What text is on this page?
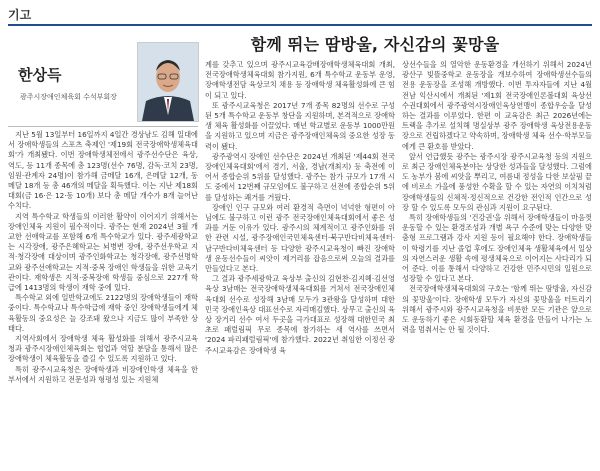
기고
함께 뛰는 땀방울, 자신감의 꽃망울
한상득
광주시장애인체육회 수석부회장

지난 5월 13일부터 16일까지 4일간 경상남도 김해 일대에서 장애학생들의 스포츠 축제인 '제19회 전국장애학생체육대회'가 개최됐다. 이번 장애학생체전에서 광주선수단은 육상, 역도, 등 11개 종목에 총 123명(선수 76명, 감독·코치 23명, 임원·관계자 24명)이 참가해 금메달 16개, 은메달 12개, 동메달 18개 등 총 46개의 메달을 획득했다. 이는 지난 제18회 대회(금 16·은 12·동 10개) 보다 총 메달 개수가 8개 늘어난 수치다.

지역 특수학교 학생들의 이러한 활약이 이어지기 위해서는 장애인체육 지원이 필수적이다. 광주는 현재 2024년 3월 개교한 선애학교를 포함해 6개 특수학교가 있다. 광주세광학교는 시각장애, 광주은혜학교는 뇌병변 장애, 광주선우학교 지적·청각장애 대상이며 광주인화학교는 청각장애, 광주선명학교와 광주선애학교는 지적·중복 장애인 학생들을 위한 교육기관이다. 재학생은 지적·중복장애 학생들 중심으로 227개 학급에 1413명의 학생이 재학 중에 있다.

특수학교 외에 일반학교에도 2122명의 장애학생들이 재학 중이다. 특수학교나 특수학급에 재학 중인 장애학생들에게 체육활동의 중요성은 늘 강조돼 왔으나 지금도 많이 부족한 상태다.

지역사회에서 장애학생 체육 활성화를 위해서 광주시교육청과 광주시장애인체육회는 협업과 역할 분담을 통해서 많은 장애학생이 체육활동을 즐길 수 있도록 지원하고 있다.

특히 광주시교육청은 장애학생과 비장애인학생 체육을 한 부서에서 지원하고 전문성과 형평성 있는 지원체

계를 갖추고 있으며 광주시교육감배장애학생체육대회 개최, 전국장애학생체육대회 참가지원, 6개 특수학교 운동부 운영, 장애학생전담 육상코치 채용 등 장애학생 체육활성화에 큰 힘이 되고 있다.

또 광주시교육청은 2017년 7개 종목 82명의 선수로 구성된 5개 특수학교 운동부 창단을 지원하며, 본격적으로 장애학생 체육 활성화를 이끌었다. 매년 학교별로 운동부 1000만원을 지원하고 있으며 지금은 광주장애인체육의 중요한 성장 동력이 됐다.

광주광역시 장애인 선수단은 2024년 개최된 '제44회 전국장애인체육대회'에서 경기, 서울, 경남(개최지) 등 축전에 이어서 종합순위 5위를 달성했다. 광주는 참가 규모가 17개 시도 중에서 12번째 규모임에도 불구하고 선전에 종합순위 5위를 달성하는 쾌거를 거뒀다.

장애인 인구 규모와 여러 환경적 측면이 넉넉한 형편이 아님에도 불구하고 이런 광주 전국장애인체육대회에서 좋은 성과를 거둔 이유가 있다. 광주시의 체계적이고 광주인화를 위한 관련 시설, 광주장애인국민체육센터·북구반다비체육센터·남구반다비체육센터 등 다양한 광주시교육청이 빠진 장애학생 운동선수들이 씨앗이 제거리를 잡음으로써 오늘의 결과를 만들었다고 본다.

그 결과 광주세광학교 육상부 출신의 김현찬·김지혜·김선영 육상 3남매는 전국장애학생체육대회를 거쳐서 전국장애인체육대회 선수로 성장해 3남매 모두가 3관왕을 달성하며 대한민국 장애인육상 대표선수로 자리매김했다. 상무고 출신의 육상 장거리 선수 여서 두곳을 극가대표로 성장해 대한민국 최초로 패럴림픽 무로 종목에 참가하는 새 역사를 쓰면서 '2024 파리패럴림픽'에 참가했다. 2022년 취임한 이정선 광주시교육감은 장애학생 육

상선수들을 의 열악한 운동환경을 개선하기 위해서 2024년 광산구 빛뜰중학교 운동장을 개보수하여 장애학생선수들의 전용 운동장을 조성해 개방했다. 이번 투자자들에 지난 4월 전남 익산시에서 개최된 '제1회 전국장애인론볼대회 육상선수권대회에서 광주광역시장애인육상연맹이 종합우승을 달성하는 결과를 이루었다. 한편 이 교육감은 최근 2026년에는 트랙을 추가로 설치해 명실상부 광주 장애학생 육상전용운동장으로 건립하겠다고 약속하며, 장애학생 체육 선수·학부모들에게 큰 환호를 받았다.

앞서 언급했듯 광주는 광주시장 광주시교육청 등의 지원으로 최근 장애인체육분야는 상당한 성과들을 달성했다. 그럼에도 농부가 봄에 씨앗을 뿌리고, 여름내 정성을 다한 보살핌 끝에 비로소 가을에 풍성한 수확을 할 수 있는 자연의 이치처럼 장애학생들의 신체적·정신적으로 건강한 전인적 인간으로 성장 할 수 있도록 모두의 관심과 지원이 요구된다.

특히 장애학생들의 '건강권'을 위해서 장애학생들이 마음껏 운동할 수 있는 환경조성과 개별 욕구 수준에 맞는 다양한 맞춤형 프로그램과 강사 지원 등이 필요해야 한다. 장애학생들이 학령기를 지난 졸업 후에도 장애인체육 생활체육에서 일상의 자연스러운 생활 속에 평생체육으로 이어지는 사다리가 되어 준다. 이를 통해서 다양하고 건강한 민주시민의 일원으로 성장할 수 있다고 본다.

전국장애학생체육대회의 구호는 '함께 뛰는 땀방울, 자신감의 꽃망울'이다. 장애학생 모두가 자신의 꽃망울을 터트리기 위해서 광주시와 광주시교육청을 비롯한 모든 기관은 앞으로도 운동하기 좋은 시회동환할 체육 환경을 만들어 나가는 노력을 멈춰서는 안 될 것이다.
